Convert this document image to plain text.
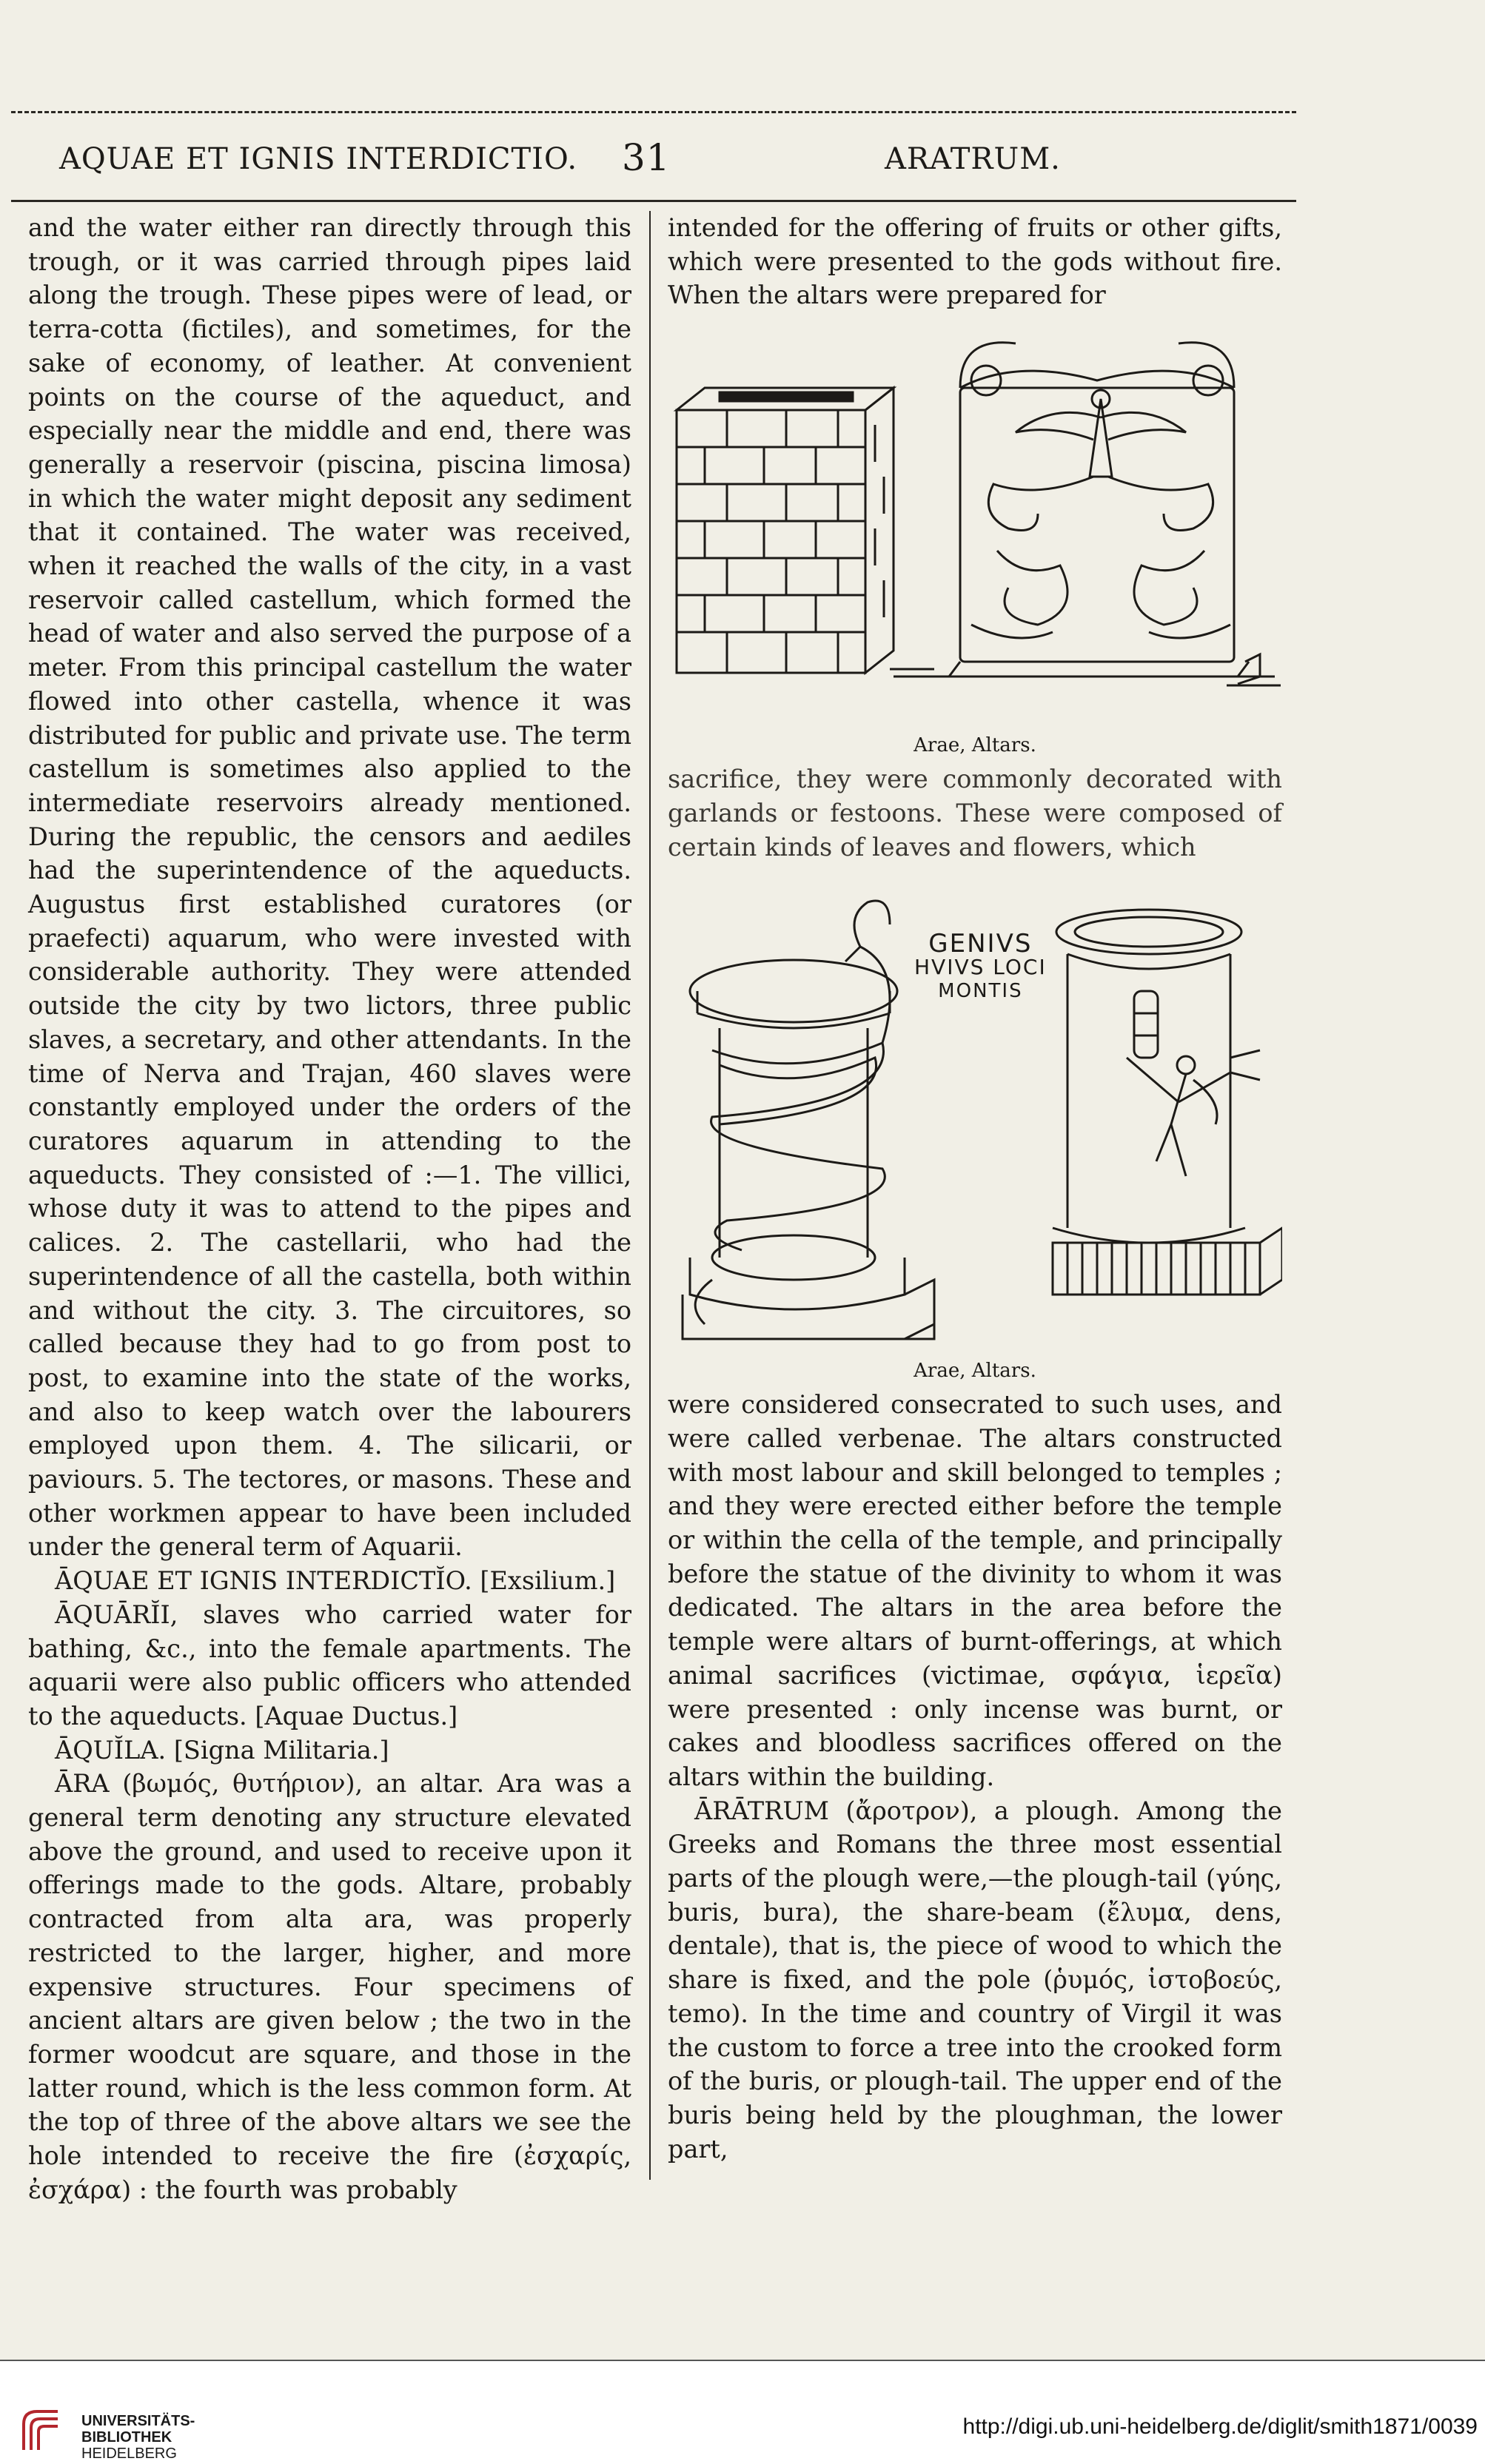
AQUAE ET IGNIS INTERDICTIO. 31	ARATRUM.

and the water either ran directly through this trough, or it was carried through pipes laid along the trough. These pipes were of lead, or terra-cotta (fictiles), and sometimes, for the sake of economy, of leather. At convenient points on the course of the aqueduct, and especially near the middle and end, there was generally a reservoir (piscina, piscina limosa) in which the water might deposit any sediment that it contained. The water was received, when it reached the walls of the city, in a vast reservoir called castellum, which formed the head of water and also served the purpose of a meter. From this principal castellum the water flowed into other castella, whence it was distributed for public and private use. The term castellum is sometimes also applied to the intermediate reservoirs already mentioned. During the republic, the censors and aediles had the superintendence of the aqueducts. Augustus first established curatores (or praefecti) aquarum, who were invested with considerable authority. They were attended outside the city by two lictors, three public slaves, a secretary, and other attendants. In the time of Nerva and Trajan, 460 slaves were constantly employed under the orders of the curatores aquarum in attending to the aqueducts. They consisted of :—1. The villici, whose duty it was to attend to the pipes and calices. 2. The castellarii, who had the superintendence of all the castella, both within and without the city. 3. The circuitores, so called because they had to go from post to post, to examine into the state of the works, and also to keep watch over the labourers employed upon them. 4. The silicarii, or paviours. 5. The tectores, or masons. These and other workmen appear to have been included under the general term of Aquarii.

ĀQUAE ET IGNIS INTERDICTĬO. [Exsilium.]

ĀQUĀRĬI, slaves who carried water for bathing, &c., into the female apartments. The aquarii were also public officers who attended to the aqueducts. [Aquae Ductus.]

ĀQUĬLA. [Signa Militaria.]

ĀRA (βωμός, θυτήριον), an altar. Ara was a general term denoting any structure elevated above the ground, and used to receive upon it offerings made to the gods. Altare, probably contracted from alta ara, was properly restricted to the larger, higher, and more expensive structures. Four specimens of ancient altars are given below ; the two in the former woodcut are square, and those in the latter round, which is the less common form. At the top of three of the above altars we see the hole intended to receive the fire (ἐσχαρίς, ἐσχάρα) : the fourth was probably

intended for the offering of fruits or other gifts, which were presented to the gods without fire. When the altars were prepared for

Arae, Altars.

sacrifice, they were commonly decorated with garlands or festoons. These were composed of certain kinds of leaves and flowers, which

GENIVS
HVIVS LOCI
MONTIS
Arae, Altars.

were considered consecrated to such uses, and were called verbenae. The altars constructed with most labour and skill belonged to temples ; and they were erected either before the temple or within the cella of the temple, and principally before the statue of the divinity to whom it was dedicated. The altars in the area before the temple were altars of burnt-offerings, at which animal sacrifices (victimae, σφάγια, ἱερεῖα) were presented : only incense was burnt, or cakes and bloodless sacrifices offered on the altars within the building.

ĀRĀTRUM (ἄροτρον), a plough. Among the Greeks and Romans the three most essential parts of the plough were,—the plough-tail (γύης, buris, bura), the share-beam (ἔλυμα, dens, dentale), that is, the piece of wood to which the share is fixed, and the pole (ῥυμός, ἱστοβοεύς, temo). In the time and country of Virgil it was the custom to force a tree into the crooked form of the buris, or plough-tail. The upper end of the buris being held by the ploughman, the lower part,

UNIVERSITÄTS-
BIBLIOTHEK
HEIDELBERG
http://digi.ub.uni-heidelberg.de/diglit/smith1871/0039
